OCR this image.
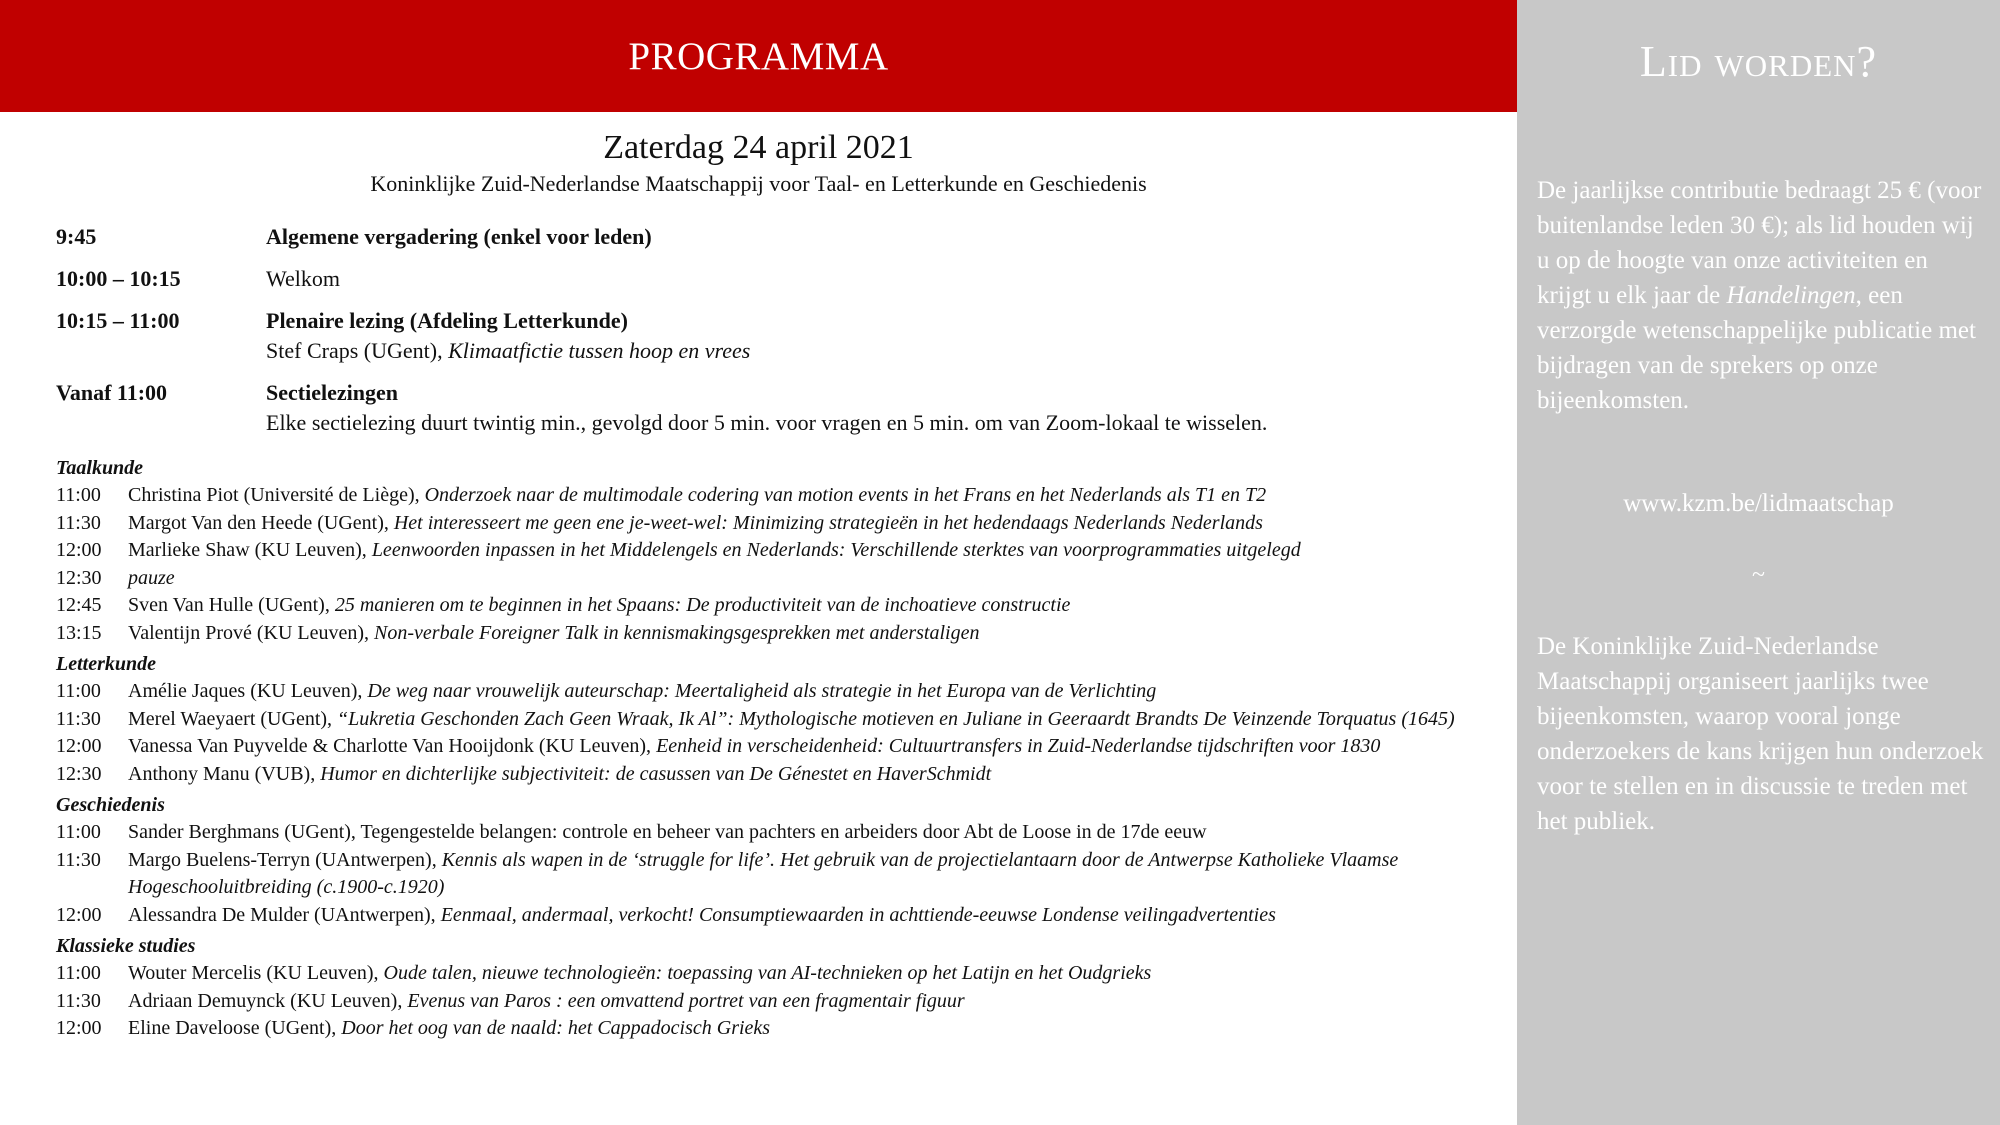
PROGRAMMA
Zaterdag 24 april 2021
Koninklijke Zuid-Nederlandse Maatschappij voor Taal- en Letterkunde en Geschiedenis
9:45	Algemene vergadering (enkel voor leden)
10:00 – 10:15	Welkom
10:15 – 11:00	Plenaire lezing (Afdeling Letterkunde)
Stef Craps (UGent), Klimaatfictie tussen hoop en vrees
Vanaf 11:00	Sectielezingen
Elke sectielezing duurt twintig min., gevolgd door 5 min. voor vragen en 5 min. om van Zoom-lokaal te wisselen.
Taalkunde
11:00	Christina Piot (Université de Liège), Onderzoek naar de multimodale codering van motion events in het Frans en het Nederlands als T1 en T2
11:30	Margot Van den Heede (UGent), Het interesseert me geen ene je-weet-wel: Minimizing strategieën in het hedendaags Nederlands Nederlands
12:00	Marlieke Shaw (KU Leuven), Leenwoorden inpassen in het Middelengels en Nederlands: Verschillende sterktes van voorprogrammaties uitgelegd
12:30	pauze
12:45	Sven Van Hulle (UGent), 25 manieren om te beginnen in het Spaans: De productiviteit van de inchoatieve constructie
13:15	Valentijn Prové (KU Leuven), Non-verbale Foreigner Talk in kennismakingsgesprekken met anderstaligen
Letterkunde
11:00	Amélie Jaques (KU Leuven), De weg naar vrouwelijk auteurschap: Meertaligheid als strategie in het Europa van de Verlichting
11:30	Merel Waeyaert (UGent), “Lukretia Geschonden Zach Geen Wraak, Ik Al”: Mythologische motieven en Juliane in Geeraardt Brandts De Veinzende Torquatus (1645)
12:00	Vanessa Van Puyvelde & Charlotte Van Hooijdonk (KU Leuven), Eenheid in verscheidenheid: Cultuurtransfers in Zuid-Nederlandse tijdschriften voor 1830
12:30	Anthony Manu (VUB), Humor en dichterlijke subjectiviteit: de casussen van De Génestet en HaverSchmidt
Geschiedenis
11:00	Sander Berghmans (UGent), Tegengestelde belangen: controle en beheer van pachters en arbeiders door Abt de Loose in de 17de eeuw
11:30	Margo Buelens-Terryn (UAntwerpen), Kennis als wapen in de ‘struggle for life’. Het gebruik van de projectielantaarn door de Antwerpse Katholieke Vlaamse Hogeschooluitbreiding (c.1900-c.1920)
12:00	Alessandra De Mulder (UAntwerpen), Eenmaal, andermaal, verkocht! Consumptiewaarden in achttiende-eeuwse Londense veilingadvertenties
Klassieke studies
11:00	Wouter Mercelis (KU Leuven), Oude talen, nieuwe technologieën: toepassing van AI-technieken op het Latijn en het Oudgrieks
11:30	Adriaan Demuynck (KU Leuven), Evenus van Paros : een omvattend portret van een fragmentair figuur
12:00	Eline Daveloose (UGent), Door het oog van de naald: het Cappadocisch Grieks
Lid worden?
De jaarlijkse contributie bedraagt 25 € (voor buitenlandse leden 30 €); als lid houden wij u op de hoogte van onze activiteiten en krijgt u elk jaar de Handelingen, een verzorgde wetenschappelijke publicatie met bijdragen van de sprekers op onze bijeenkomsten.
www.kzm.be/lidmaatschap
~
De Koninklijke Zuid-Nederlandse Maatschappij organiseert jaarlijks twee bijeenkomsten, waarop vooral jonge onderzoekers de kans krijgen hun onderzoek voor te stellen en in discussie te treden met het publiek.
